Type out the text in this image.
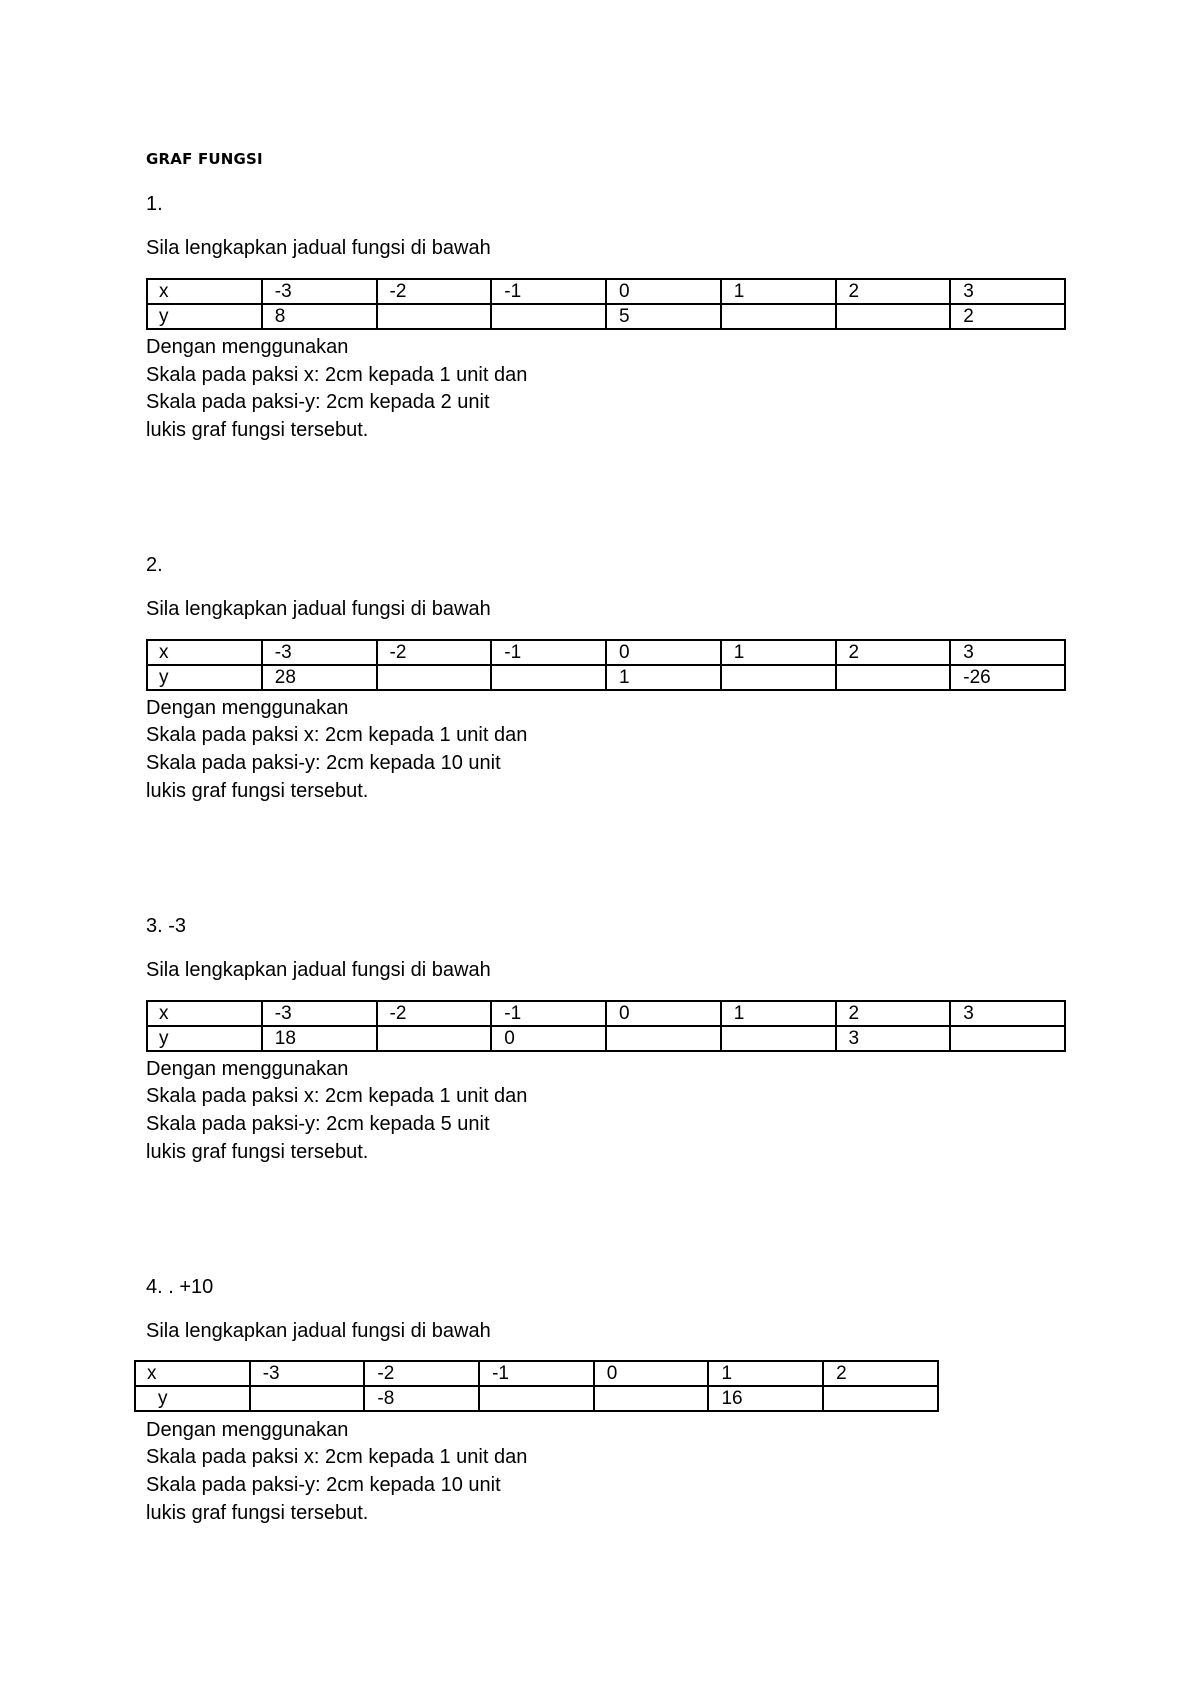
GRAF FUNGSI
1.
Sila lengkapkan jadual fungsi di bawah
x	-3	-2	-1	0	1	2	3
y	8			5			2
Dengan menggunakan
Skala pada paksi x: 2cm kepada 1 unit dan
Skala pada paksi-y: 2cm kepada 2 unit
lukis graf fungsi tersebut.
2.
Sila lengkapkan jadual fungsi di bawah
x	-3	-2	-1	0	1	2	3
y	28			1			-26
Dengan menggunakan
Skala pada paksi x: 2cm kepada 1 unit dan
Skala pada paksi-y: 2cm kepada 10 unit
lukis graf fungsi tersebut.
3. -3
Sila lengkapkan jadual fungsi di bawah
x	-3	-2	-1	0	1	2	3
y	18		0			3	
Dengan menggunakan
Skala pada paksi x: 2cm kepada 1 unit dan
Skala pada paksi-y: 2cm kepada 5 unit
lukis graf fungsi tersebut.
4. . +10
Sila lengkapkan jadual fungsi di bawah
x	-3	-2	-1	0	1	2
y		-8			16	
Dengan menggunakan
Skala pada paksi x: 2cm kepada 1 unit dan
Skala pada paksi-y: 2cm kepada 10 unit
lukis graf fungsi tersebut.
